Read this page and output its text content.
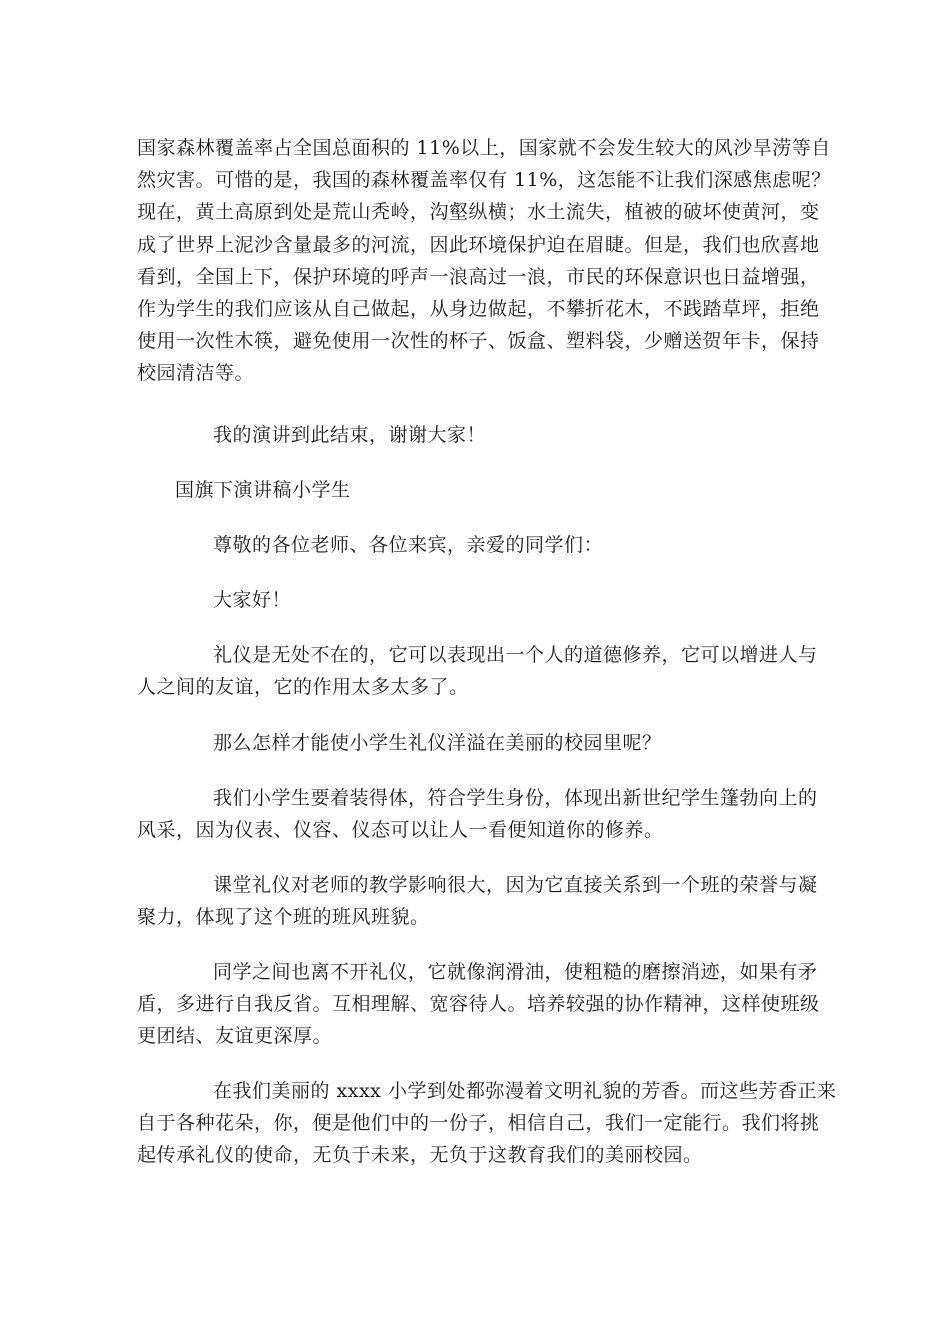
国家森林覆盖率占全国总面积的 11%以上，国家就不会发生较大的风沙旱涝等自
然灾害。可惜的是，我国的森林覆盖率仅有 11%，这怎能不让我们深感焦虑呢？
现在，黄土高原到处是荒山秃岭，沟壑纵横；水土流失，植被的破坏使黄河，变
成了世界上泥沙含量最多的河流，因此环境保护迫在眉睫。但是，我们也欣喜地
看到，全国上下，保护环境的呼声一浪高过一浪，市民的环保意识也日益增强，
作为学生的我们应该从自己做起，从身边做起，不攀折花木，不践踏草坪，拒绝
使用一次性木筷，避免使用一次性的杯子、饭盒、塑料袋，少赠送贺年卡，保持
校园清洁等。
我的演讲到此结束，谢谢大家！
国旗下演讲稿小学生
尊敬的各位老师、各位来宾，亲爱的同学们：
大家好！
礼仪是无处不在的，它可以表现出一个人的道德修养，它可以增进人与
人之间的友谊，它的作用太多太多了。
那么怎样才能使小学生礼仪洋溢在美丽的校园里呢？
我们小学生要着装得体，符合学生身份，体现出新世纪学生篷勃向上的
风采，因为仪表、仪容、仪态可以让人一看便知道你的修养。
课堂礼仪对老师的教学影响很大，因为它直接关系到一个班的荣誉与凝
聚力，体现了这个班的班风班貌。
同学之间也离不开礼仪，它就像润滑油，使粗糙的磨擦消迹，如果有矛
盾，多进行自我反省。互相理解、宽容待人。培养较强的协作精神，这样使班级
更团结、友谊更深厚。
在我们美丽的 xxxx 小学到处都弥漫着文明礼貌的芳香。而这些芳香正来
自于各种花朵，你，便是他们中的一份子，相信自己，我们一定能行。我们将挑
起传承礼仪的使命，无负于未来，无负于这教育我们的美丽校园。
